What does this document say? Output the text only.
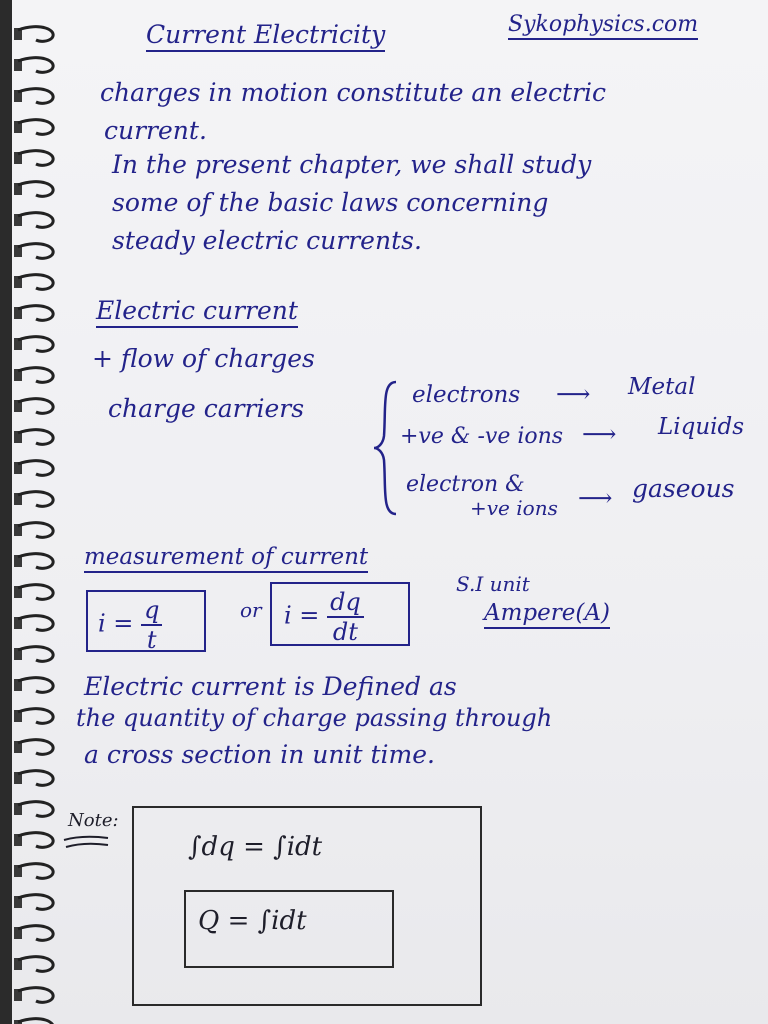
Current Electricity	Sykophysics.com
charges in motion constitute an electric
current.
In the present chapter, we shall study
some of the basic laws concerning
steady electric currents.
Electric current
+ flow of charges
charge carriers	electrons ⟶ Metal
+ve & -ve ions ⟶ Liquids
electron &
+ve ions ⟶ gaseous
measurement of current
$i = \frac{q}{t}$	or $i = \frac{dq}{dt}$
S.I unit
Ampere(A)
Electric current is Defined as
the quantity of charge passing through
a cross section in unit time.
Note:
∫dq = ∫idt
Q = ∫idt
